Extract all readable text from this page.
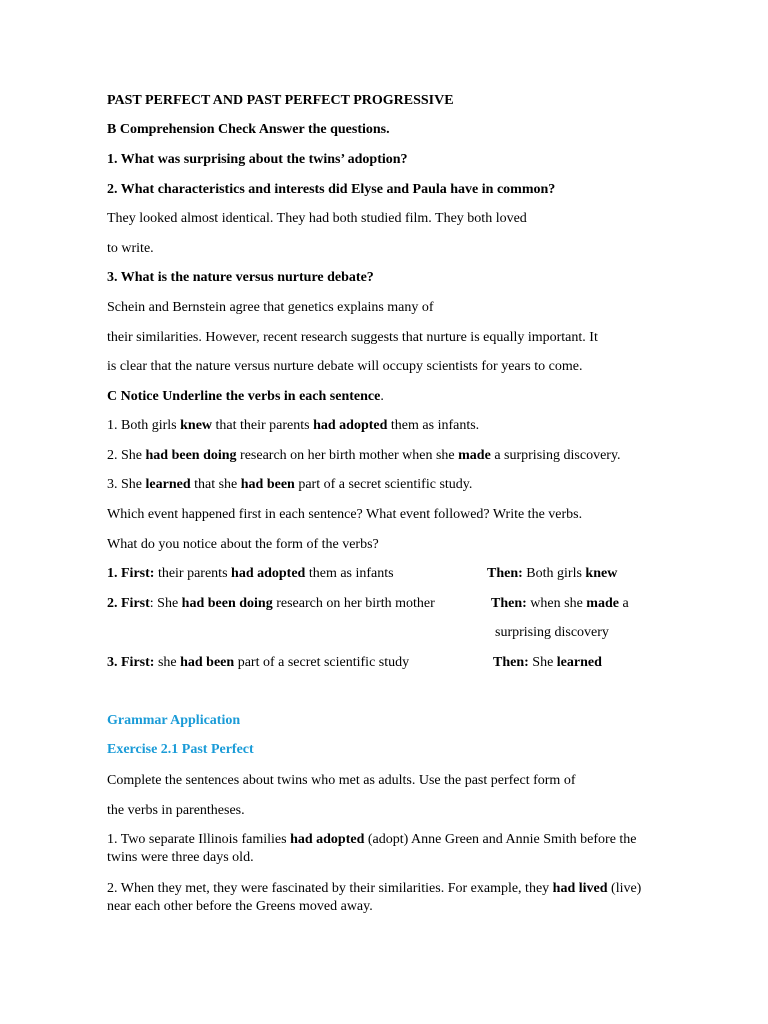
PAST PERFECT AND PAST PERFECT PROGRESSIVE
B Comprehension Check Answer the questions.
1. What was surprising about the twins’ adoption?
2. What characteristics and interests did Elyse and Paula have in common?
They looked almost identical. They had both studied film. They both loved
to write.
3. What is the nature versus nurture debate?
Schein and Bernstein agree that genetics explains many of
their similarities. However, recent research suggests that nurture is equally important. It
is clear that the nature versus nurture debate will occupy scientists for years to come.
C Notice Underline the verbs in each sentence.
1. Both girls knew that their parents had adopted them as infants.
2. She had been doing research on her birth mother when she made a surprising discovery.
3. She learned that she had been part of a secret scientific study.
Which event happened first in each sentence? What event followed? Write the verbs.
What do you notice about the form of the verbs?
1. First: their parents had adopted them as infants	Then: Both girls knew
2. First: She had been doing research on her birth mother	Then: when she made a
surprising discovery
3. First: she had been part of a secret scientific study	Then: She learned
Grammar Application
Exercise 2.1 Past Perfect
Complete the sentences about twins who met as adults. Use the past perfect form of
the verbs in parentheses.
1. Two separate Illinois families had adopted (adopt) Anne Green and Annie Smith before the twins were three days old.
2. When they met, they were fascinated by their similarities. For example, they had lived (live) near each other before the Greens moved away.
